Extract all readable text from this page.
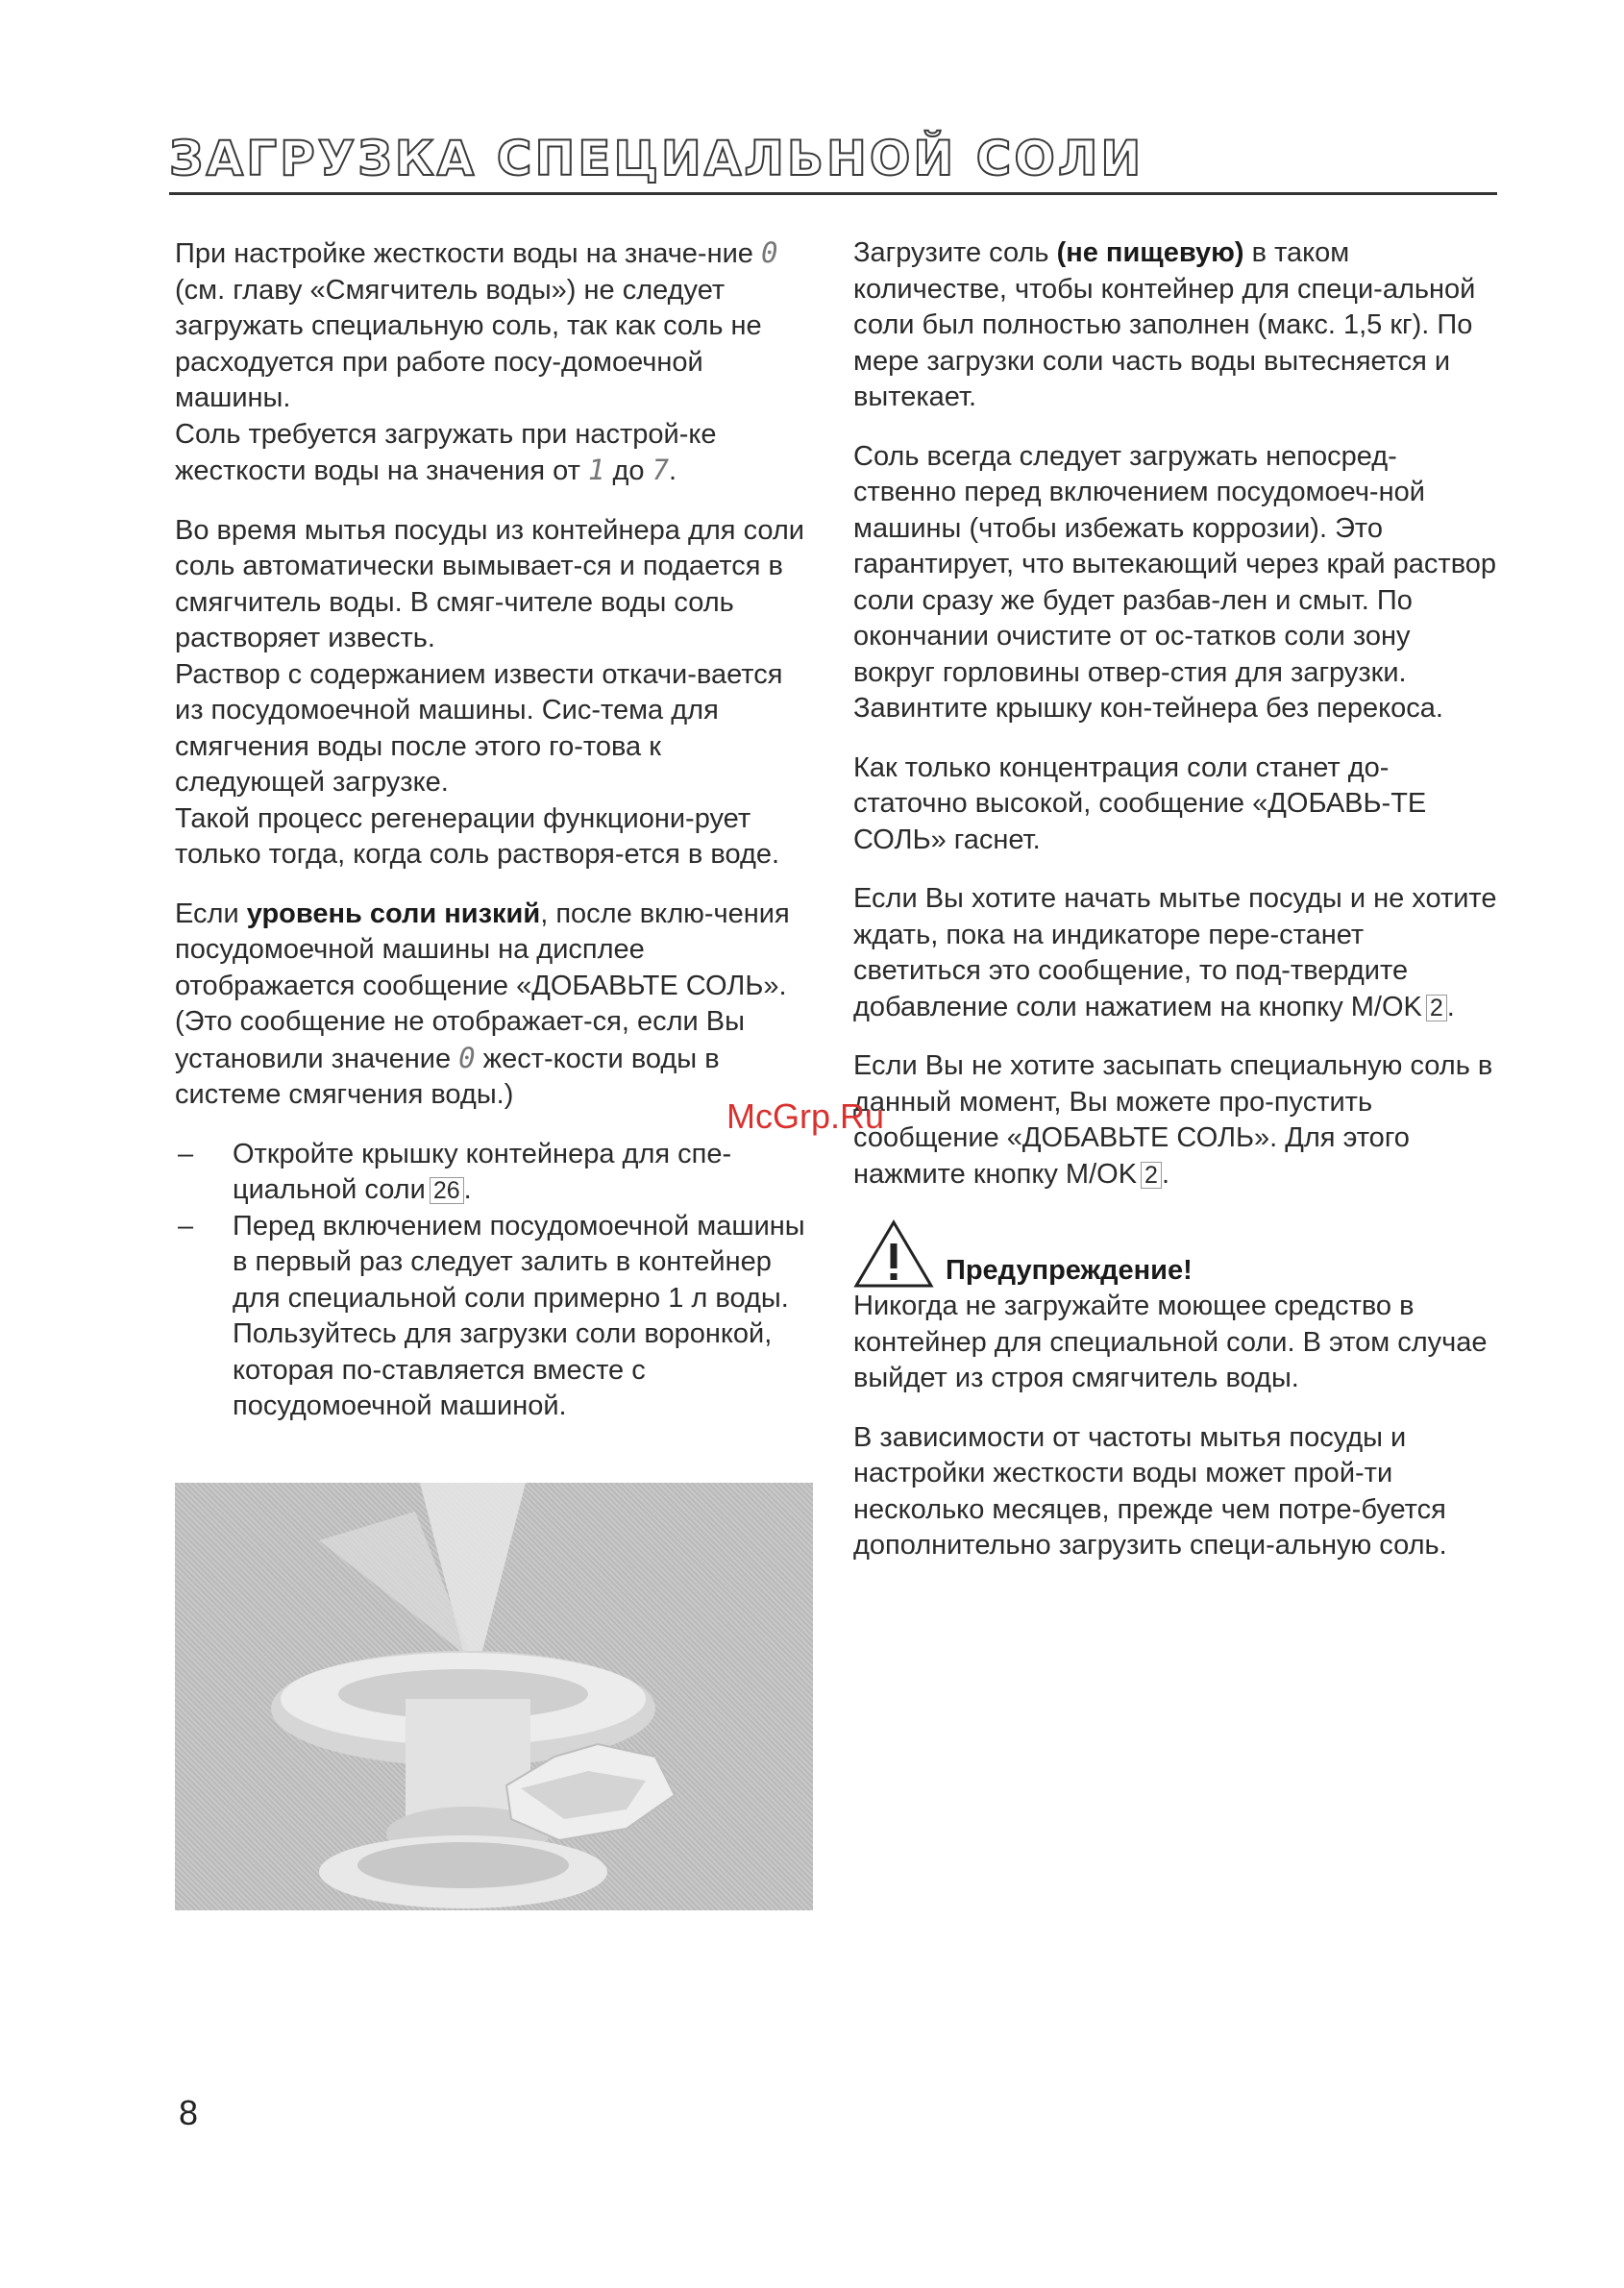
ЗАГРУЗКА СПЕЦИАЛЬНОЙ СОЛИ

При настройке жесткости воды на значе-ние 0 (см. главу «Смягчитель воды») не следует загружать специальную соль, так как соль не расходуется при работе посу-домоечной машины.

Соль требуется загружать при настрой-ке жесткости воды на значения от 1 до 7.

Во время мытья посуды из контейнера для соли соль автоматически вымывает-ся и подается в смягчитель воды. В смяг-чителе воды соль растворяет известь.

Раствор с содержанием извести откачи-вается из посудомоечной машины. Сис-тема для смягчения воды после этого го-това к следующей загрузке.

Такой процесс регенерации функциони-рует только тогда, когда соль растворя-ется в воде.

Если уровень соли низкий, после вклю-чения посудомоечной машины на дисплее отображается сообщение «ДОБАВЬТЕ СОЛЬ». (Это сообщение не отображает-ся, если Вы установили значение 0 жест-кости воды в системе смягчения воды.)

– Откройте крышку контейнера для спе-циальной соли 26 .

– Перед включением посудомоечной машины в первый раз следует залить в контейнер для специальной соли примерно 1 л воды. Пользуйтесь для загрузки соли воронкой, которая по-ставляется вместе с посудомоечной машиной.

Загрузите соль (не пищевую) в таком количестве, чтобы контейнер для специ-альной соли был полностью заполнен (макс. 1,5 кг). По мере загрузки соли часть воды вытесняется и вытекает.

Соль всегда следует загружать непосред-ственно перед включением посудомоеч-ной машины (чтобы избежать коррозии). Это гарантирует, что вытекающий через край раствор соли сразу же будет разбав-лен и смыт. По окончании очистите от ос-татков соли зону вокруг горловины отвер-стия для загрузки. Завинтите крышку кон-тейнера без перекоса.

Как только концентрация соли станет до-статочно высокой, сообщение «ДОБАВЬ-ТЕ СОЛЬ» гаснет.

Если Вы хотите начать мытье посуды и не хотите ждать, пока на индикаторе пере-станет светиться это сообщение, то под-твердите добавление соли нажатием на кнопку M/OK 2 .

Если Вы не хотите засыпать специальную соль в данный момент, Вы можете про-пустить сообщение «ДОБАВЬТЕ СОЛЬ». Для этого нажмите кнопку M/OK 2 .

Предупреждение!

Никогда не загружайте моющее средство в контейнер для специальной соли. В этом случае выйдет из строя смягчитель воды.

В зависимости от частоты мытья посуды и настройки жесткости воды может прой-ти несколько месяцев, прежде чем потре-буется дополнительно загрузить специ-альную соль.

McGrp.Ru
8
